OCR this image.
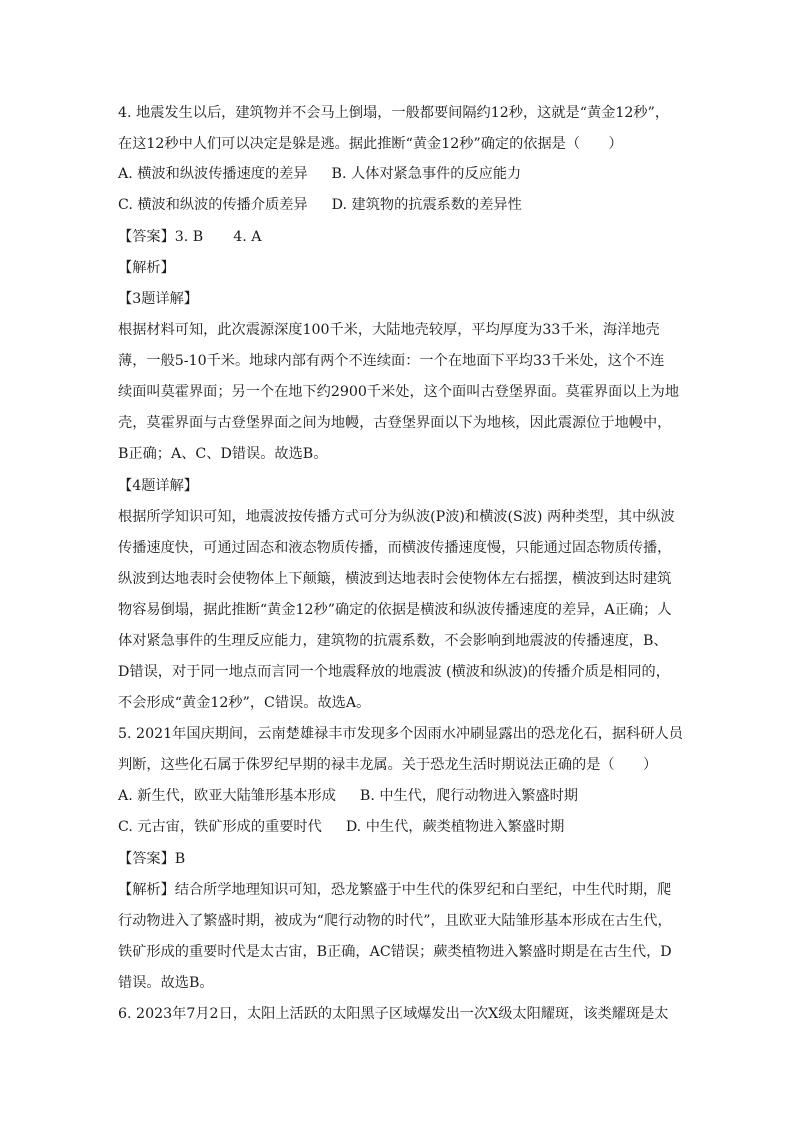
4. 地震发生以后，建筑物并不会马上倒塌，一般都要间隔约12秒，这就是“黄金12秒”，
在这12秒中人们可以决定是躲是逃。据此推断“黄金12秒”确定的依据是（　　）
A. 横波和纵波传播速度的差异 B. 人体对紧急事件的反应能力
C. 横波和纵波的传播介质差异 D. 建筑物的抗震系数的差异性
【答案】3. B 4. A
【解析】
【3题详解】
根据材料可知，此次震源深度100千米，大陆地壳较厚，平均厚度为33千米，海洋地壳
薄，一般5-10千米。地球内部有两个不连续面：一个在地面下平均33千米处，这个不连
续面叫莫霍界面；另一个在地下约2900千米处，这个面叫古登堡界面。莫霍界面以上为地
壳，莫霍界面与古登堡界面之间为地幔，古登堡界面以下为地核，因此震源位于地幔中，
B正确；A、C、D错误。故选B。
【4题详解】
根据所学知识可知，地震波按传播方式可分为纵波(P波)和横波(S波) 两种类型，其中纵波
传播速度快，可通过固态和液态物质传播，而横波传播速度慢，只能通过固态物质传播，
纵波到达地表时会使物体上下颠簸，横波到达地表时会使物体左右摇摆，横波到达时建筑
物容易倒塌，据此推断“黄金12秒”确定的依据是横波和纵波传播速度的差异，A正确；人
体对紧急事件的生理反应能力，建筑物的抗震系数，不会影响到地震波的传播速度，B、
D错误，对于同一地点而言同一个地震释放的地震波 (横波和纵波)的传播介质是相同的，
不会形成“黄金12秒”，C错误。故选A。
5. 2021年国庆期间，云南楚雄禄丰市发现多个因雨水冲刷显露出的恐龙化石，据科研人员
判断，这些化石属于侏罗纪早期的禄丰龙属。关于恐龙生活时期说法正确的是（　　）
A. 新生代，欧亚大陆雏形基本形成 B. 中生代，爬行动物进入繁盛时期
C. 元古宙，铁矿形成的重要时代 D. 中生代，蕨类植物进入繁盛时期
【答案】B
【解析】结合所学地理知识可知，恐龙繁盛于中生代的侏罗纪和白垩纪，中生代时期，爬
行动物进入了繁盛时期，被成为“爬行动物的时代”，且欧亚大陆雏形基本形成在古生代，
铁矿形成的重要时代是太古宙，B正确，AC错误；蕨类植物进入繁盛时期是在古生代，D
错误。故选B。
6. 2023年7月2日，太阳上活跃的太阳黑子区域爆发出一次X级太阳耀斑，该类耀斑是太
